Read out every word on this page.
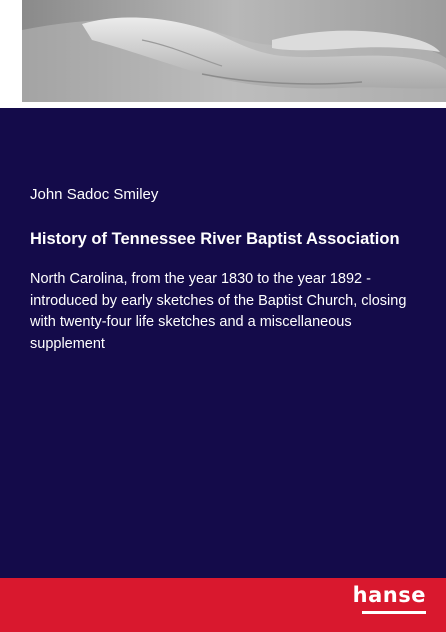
John Sadoc Smiley
History of Tennessee River Baptist Association
North Carolina, from the year 1830 to the year 1892 - introduced by early sketches of the Baptist Church, closing with twenty-four life sketches and a miscellaneous supplement
hanse
